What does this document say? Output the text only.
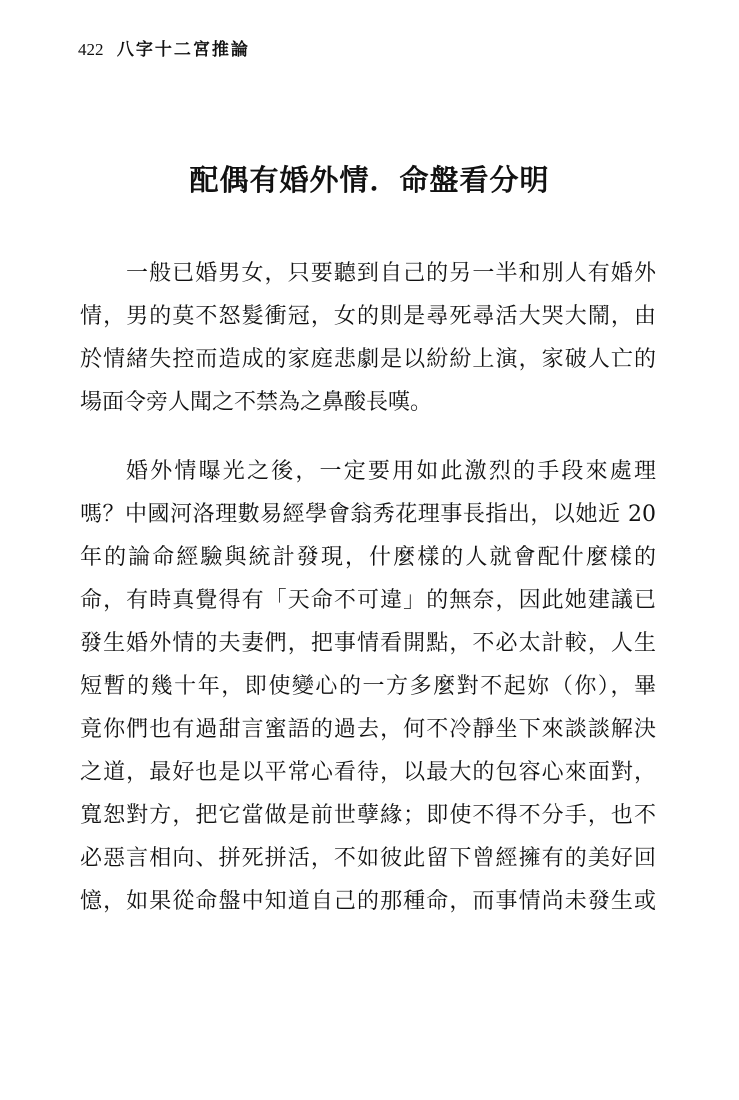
422 八字十二宮推論
配偶有婚外情．命盤看分明
一般已婚男女，只要聽到自己的另一半和別人有婚外
情，男的莫不怒髮衝冠，女的則是尋死尋活大哭大鬧，由
於情緒失控而造成的家庭悲劇是以紛紛上演，家破人亡的
場面令旁人聞之不禁為之鼻酸長嘆。
婚外情曝光之後，一定要用如此激烈的手段來處理
嗎？中國河洛理數易經學會翁秀花理事長指出，以她近 20
年的論命經驗與統計發現，什麼樣的人就會配什麼樣的
命，有時真覺得有「天命不可違」的無奈，因此她建議已
發生婚外情的夫妻們，把事情看開點，不必太計較，人生
短暫的幾十年，即使變心的一方多麼對不起妳（你），畢
竟你們也有過甜言蜜語的過去，何不冷靜坐下來談談解決
之道，最好也是以平常心看待，以最大的包容心來面對，
寬恕對方，把它當做是前世孽緣；即使不得不分手，也不
必惡言相向、拼死拼活，不如彼此留下曾經擁有的美好回
憶，如果從命盤中知道自己的那種命，而事情尚未發生或
